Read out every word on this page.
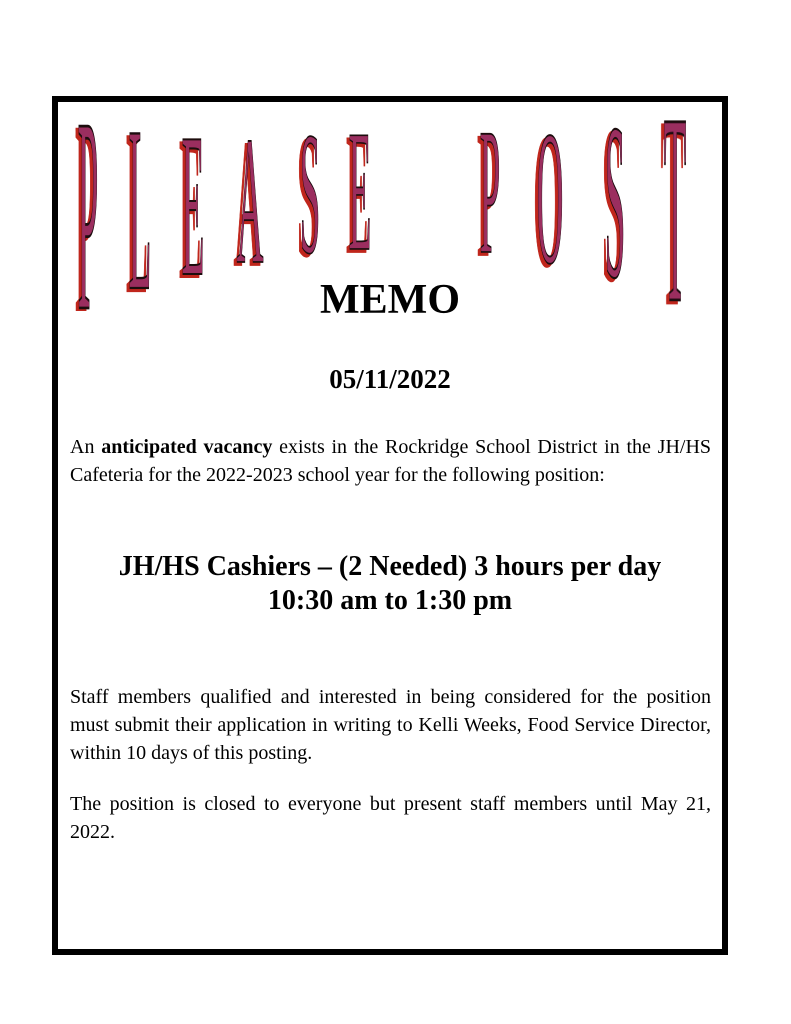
P L E A S E P O S T
MEMO
05/11/2022

An anticipated vacancy exists in the Rockridge School District in the JH/HS Cafeteria for the 2022-2023 school year for the following position:

JH/HS Cashiers – (2 Needed) 3 hours per day
10:30 am to 1:30 pm

Staff members qualified and interested in being considered for the position must submit their application in writing to Kelli Weeks, Food Service Director, within 10 days of this posting.

The position is closed to everyone but present staff members until May 21, 2022.
